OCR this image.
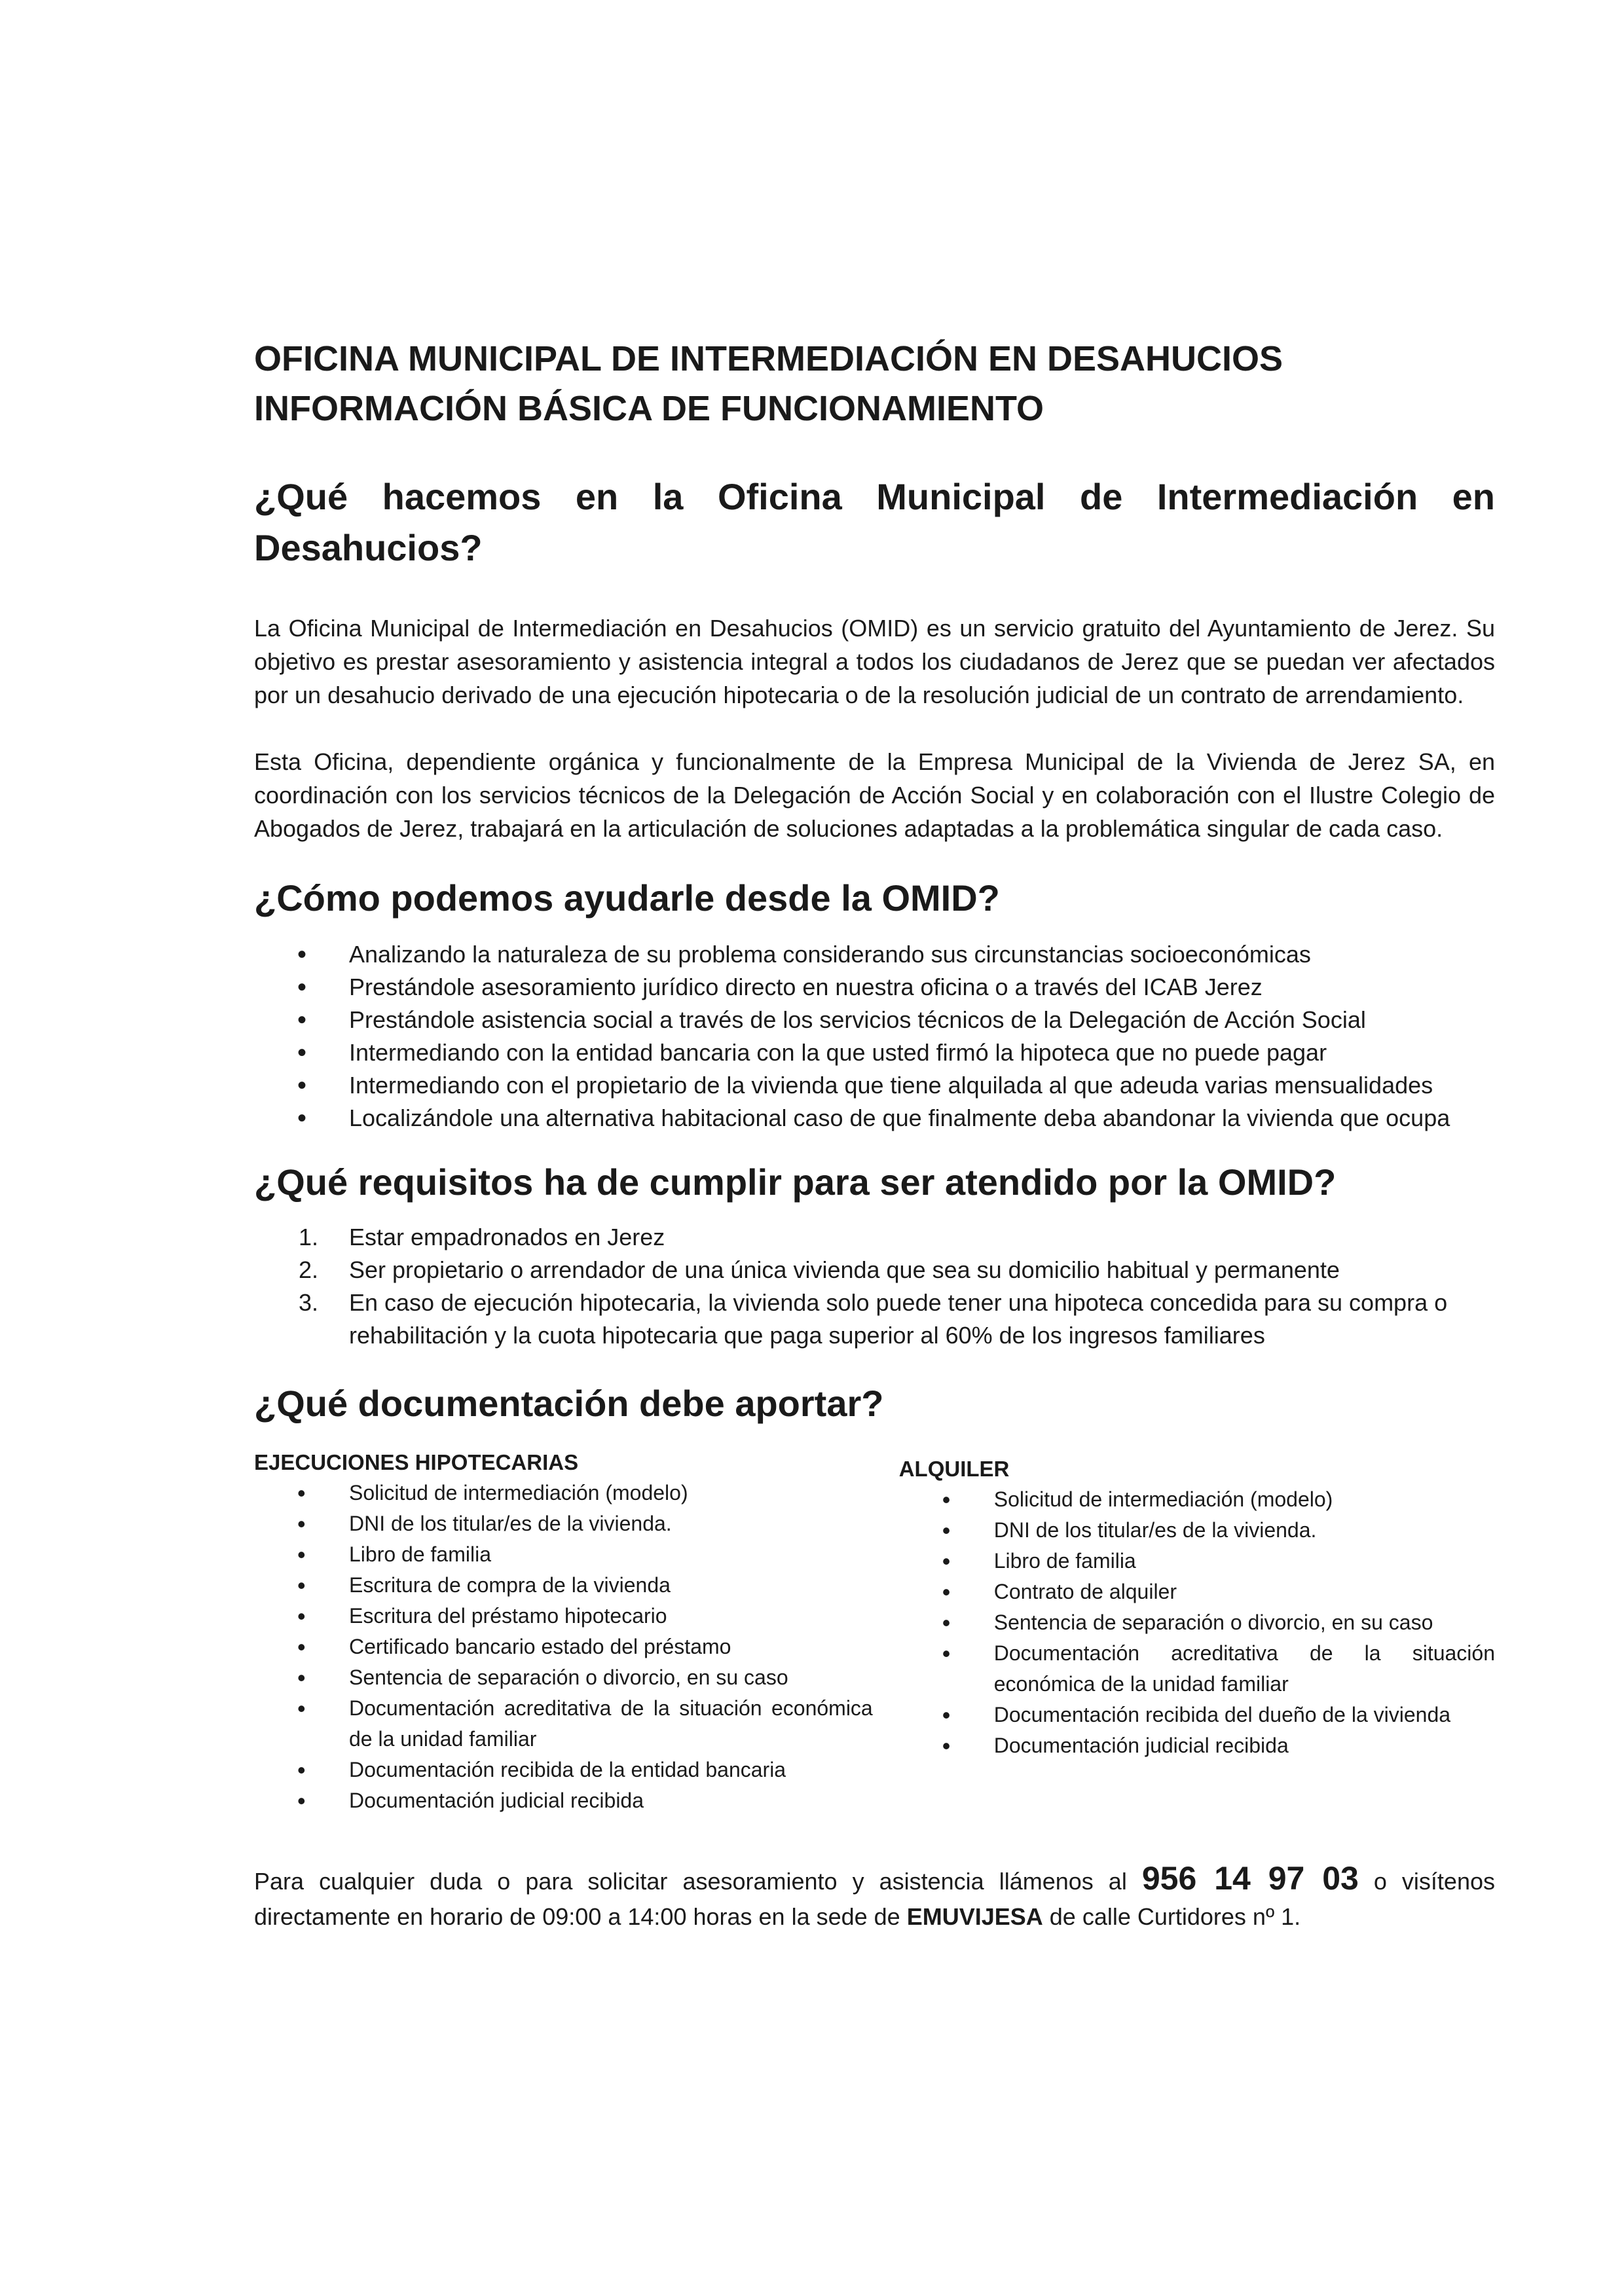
OFICINA MUNICIPAL DE INTERMEDIACIÓN EN DESAHUCIOS

INFORMACIÓN BÁSICA DE FUNCIONAMIENTO

¿Qué hacemos en la Oficina Municipal de Intermediación en Desahucios?

La Oficina Municipal de Intermediación en Desahucios (OMID) es un servicio gratuito del Ayuntamiento de Jerez. Su objetivo es prestar asesoramiento y asistencia integral a todos los ciudadanos de Jerez que se puedan ver afectados por un desahucio derivado de una ejecución hipotecaria o de la resolución judicial de un contrato de arrendamiento.

Esta Oficina, dependiente orgánica y funcionalmente de la Empresa Municipal de la Vivienda de Jerez SA, en coordinación con los servicios técnicos de la Delegación de Acción Social y en colaboración con el Ilustre Colegio de Abogados de Jerez, trabajará en la articulación de soluciones adaptadas a la problemática singular de cada caso.

¿Cómo podemos ayudarle desde la OMID?
• Analizando la naturaleza de su problema considerando sus circunstancias socioeconómicas
• Prestándole asesoramiento jurídico directo en nuestra oficina o a través del ICAB Jerez
• Prestándole asistencia social a través de los servicios técnicos de la Delegación de Acción Social
• Intermediando con la entidad bancaria con la que usted firmó la hipoteca que no puede pagar
• Intermediando con el propietario de la vivienda que tiene alquilada al que adeuda varias mensualidades
• Localizándole una alternativa habitacional caso de que finalmente deba abandonar la vivienda que ocupa
¿Qué requisitos ha de cumplir para ser atendido por la OMID?
1. Estar empadronados en Jerez
2. Ser propietario o arrendador de una única vivienda que sea su domicilio habitual y permanente
3. En caso de ejecución hipotecaria, la vivienda solo puede tener una hipoteca concedida para su compra o rehabilitación y la cuota hipotecaria que paga superior al 60% de los ingresos familiares
¿Qué documentación debe aportar?

EJECUCIONES HIPOTECARIAS

• Solicitud de intermediación (modelo)
• DNI de los titular/es de la vivienda.
• Libro de familia
• Escritura de compra de la vivienda
• Escritura del préstamo hipotecario
• Certificado bancario estado del préstamo
• Sentencia de separación o divorcio, en su caso
• Documentación acreditativa de la situación económica de la unidad familiar
• Documentación recibida de la entidad bancaria
• Documentación judicial recibida

ALQUILER

• Solicitud de intermediación (modelo)
• DNI de los titular/es de la vivienda.
• Libro de familia
• Contrato de alquiler
• Sentencia de separación o divorcio, en su caso
• Documentación acreditativa de la situación económica de la unidad familiar
• Documentación recibida del dueño de la vivienda
• Documentación judicial recibida

Para cualquier duda o para solicitar asesoramiento y asistencia llámenos al 956 14 97 03 o visítenos directamente en horario de 09:00 a 14:00 horas en la sede de EMUVIJESA de calle Curtidores nº 1.
